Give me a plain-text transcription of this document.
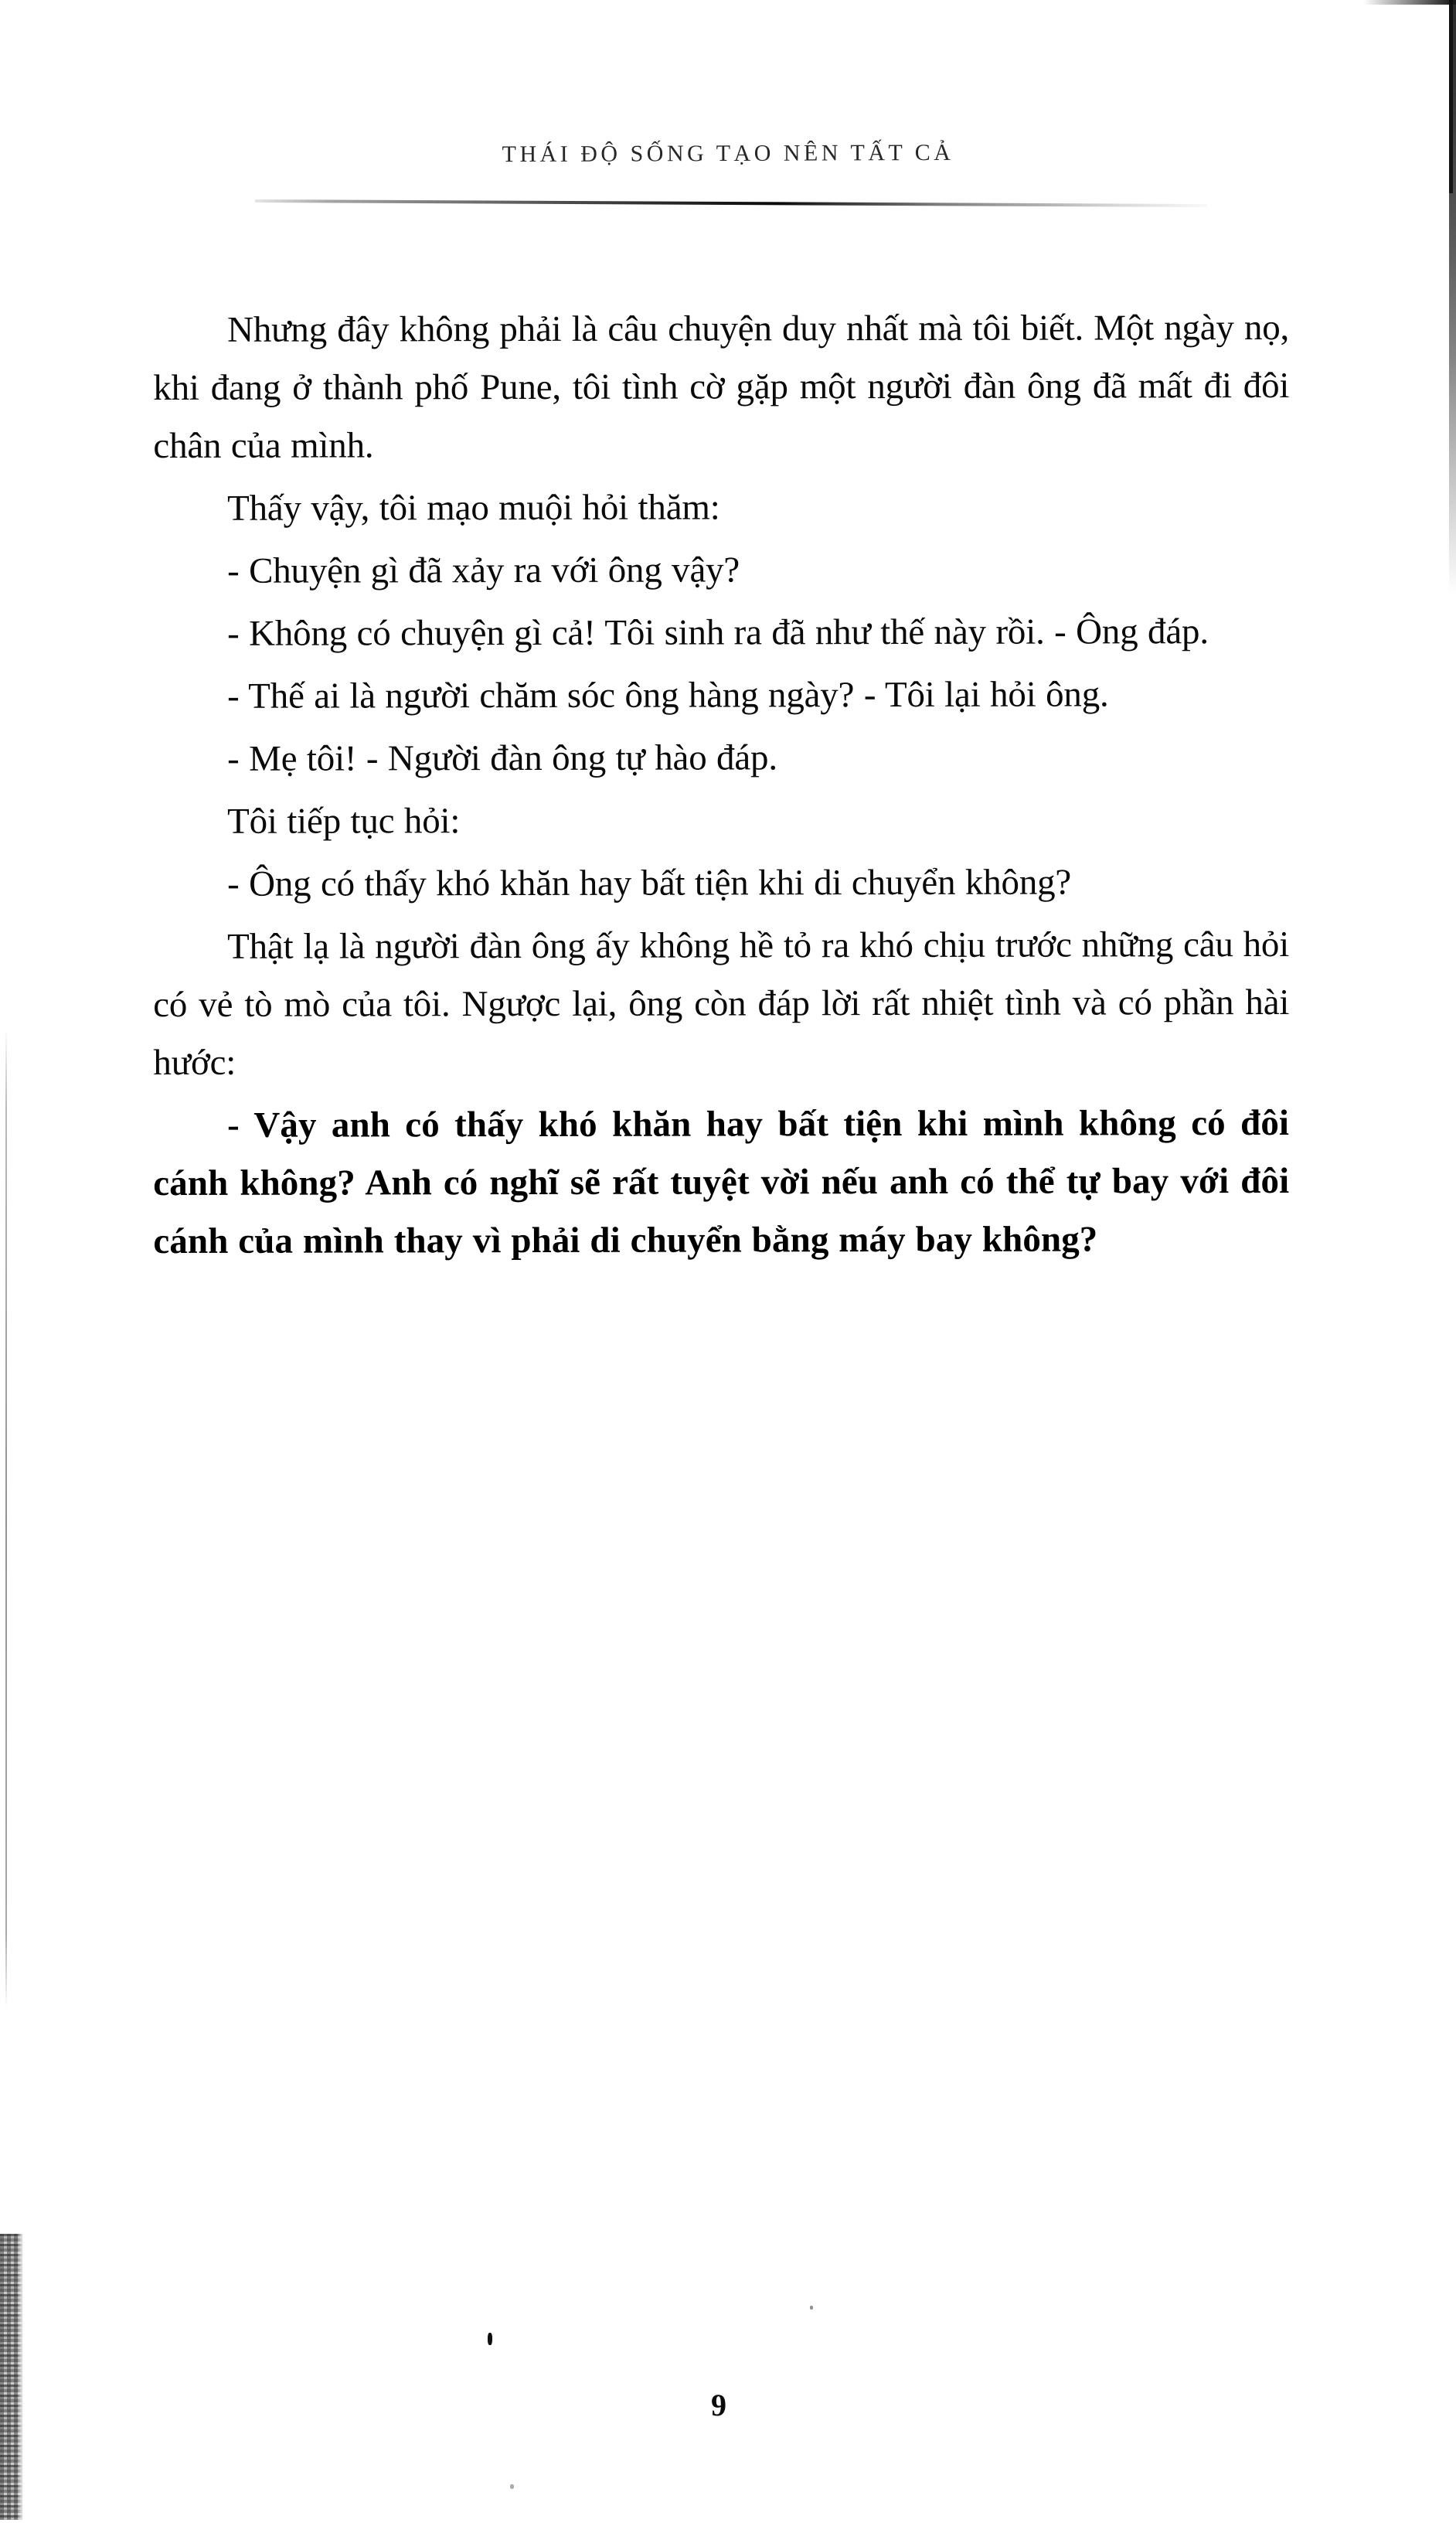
THÁI ĐỘ SỐNG TẠO NÊN TẤT CẢ

Nhưng đây không phải là câu chuyện duy nhất mà tôi biết. Một ngày nọ, khi đang ở thành phố Pune, tôi tình cờ gặp một người đàn ông đã mất đi đôi chân của mình.

Thấy vậy, tôi mạo muội hỏi thăm:

- Chuyện gì đã xảy ra với ông vậy?

- Không có chuyện gì cả! Tôi sinh ra đã như thế này rồi. - Ông đáp.

- Thế ai là người chăm sóc ông hàng ngày? - Tôi lại hỏi ông.

- Mẹ tôi! - Người đàn ông tự hào đáp.

Tôi tiếp tục hỏi:

- Ông có thấy khó khăn hay bất tiện khi di chuyển không?

Thật lạ là người đàn ông ấy không hề tỏ ra khó chịu trước những câu hỏi có vẻ tò mò của tôi. Ngược lại, ông còn đáp lời rất nhiệt tình và có phần hài hước:

- Vậy anh có thấy khó khăn hay bất tiện khi mình không có đôi cánh không? Anh có nghĩ sẽ rất tuyệt vời nếu anh có thể tự bay với đôi cánh của mình thay vì phải di chuyển bằng máy bay không?

9
